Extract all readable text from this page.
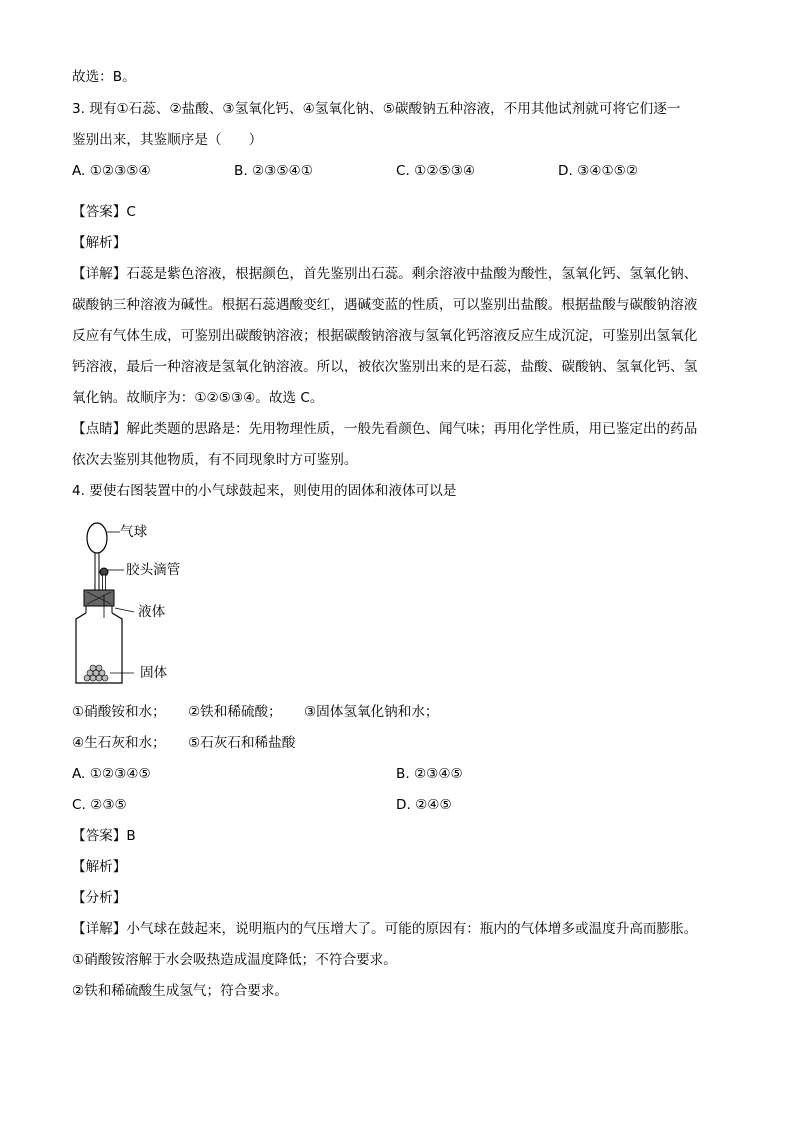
故选：B。
3. 现有①石蕊、②盐酸、③氢氧化钙、④氢氧化钠、⑤碳酸钠五种溶液，不用其他试剂就可将它们逐一
鉴别出来，其鉴顺序是（　　）
A. ①②③⑤④	B. ②③⑤④①	C. ①②⑤③④	D. ③④①⑤②
【答案】C
【解析】
【详解】石蕊是紫色溶液，根据颜色，首先鉴别出石蕊。剩余溶液中盐酸为酸性，氢氧化钙、氢氧化钠、
碳酸钠三种溶液为碱性。根据石蕊遇酸变红，遇碱变蓝的性质，可以鉴别出盐酸。根据盐酸与碳酸钠溶液
反应有气体生成，可鉴别出碳酸钠溶液；根据碳酸钠溶液与氢氧化钙溶液反应生成沉淀，可鉴别出氢氧化
钙溶液，最后一种溶液是氢氧化钠溶液。所以，被依次鉴别出来的是石蕊，盐酸、碳酸钠、氢氧化钙、氢
氧化钠。故顺序为：①②⑤③④。故选 C。
【点睛】解此类题的思路是：先用物理性质，一般先看颜色、闻气味；再用化学性质，用已鉴定出的药品
依次去鉴别其他物质，有不同现象时方可鉴别。
4. 要使右图装置中的小气球鼓起来，则使用的固体和液体可以是
气球
胶头滴管
液体
固体
①硝酸铵和水； ②铁和稀硫酸； ③固体氢氧化钠和水；
④生石灰和水； ⑤石灰石和稀盐酸
A. ①②③④⑤	B. ②③④⑤
C. ②③⑤	D. ②④⑤
【答案】B
【解析】
【分析】
【详解】小气球在鼓起来，说明瓶内的气压增大了。可能的原因有：瓶内的气体增多或温度升高而膨胀。
①硝酸铵溶解于水会吸热造成温度降低；不符合要求。
②铁和稀硫酸生成氢气；符合要求。
